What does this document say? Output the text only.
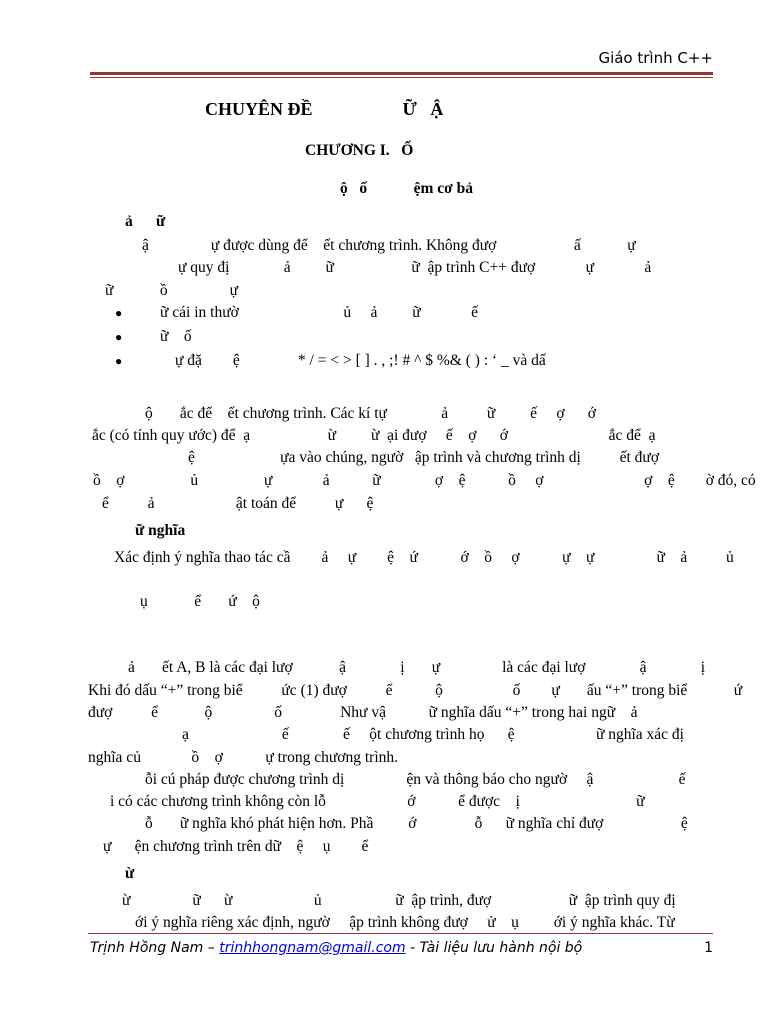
Giáo trình C++
CHUYÊN ĐỀ                    Ữ   Ậ
CHƯƠNG I.   Ổ
ộ   ố            ệm cơ bả
ả      ữ
ậ                ự được dùng để    ết chương trình. Không đượ                    ấ            ự
ự quy đị              ả         ữ                    ữ  ập trình C++ đượ             ự             ả
ữ            ồ                ự
● ữ cái in thườ                           ủ     ả         ữ             ế
● ữ    ố
●	ự đặ        ệ               * / = < > [ ] . , ;! # ^ $ %& ( ) : ‘ _ và dấ
ộ       ắc để    ết chương trình. Các kí tự              ả          ữ         ế     ợ      ớ
ắc (có tính quy ước) để  ạ                    ừ         ừ  ại đượ     ế    ợ      ớ                          ắc để  ạ
ệ                      ựa vào chúng, ngườ   ập trình và chương trình dị          ết đượ
ồ    ợ                 ủ                 ự             ả           ữ              ợ    ệ           ồ     ợ                          ợ    ệ        ờ đó, có
ể          ả                     ật toán để          ự      ệ
ữ nghĩa
Xác định ý nghĩa thao tác cầ        ả     ự        ệ    ứ           ớ    ồ     ợ           ự    ự                ữ    ả          ủ
ụ            ể       ứ    ộ
ả       ết A, B là các đại lượ            ậ              ị       ự                là các đại lượ              ậ              ị
Khi đó dấu “+” trong biể          ức (1) đượ          ể           ộ                  ố        ự       ấu “+” trong biể            ứ
đượ          ể            ộ                ố               Như vậ           ữ nghĩa dấu “+” trong hai ngữ    ả
ạ                        ế              ế     ột chương trình họ      ệ                     ữ nghĩa xác đị
nghĩa củ             ồ    ợ           ự trong chương trình.
ỗi cú pháp được chương trình dị                ện và thông báo cho ngườ     ậ                      ế
i có các chương trình không còn lỗ                     ớ           ể được    ị                              ữ
ỗ       ữ nghĩa khó phát hiện hơn. Phầ         ớ               ỗ      ữ nghĩa chỉ đượ                    ệ
ự      ện chương trình trên dữ    ệ     ụ        ể
ừ
ừ                ữ      ừ                     ủ                   ữ  ập trình, đượ                    ữ  ập trình quy đị
ới ý nghĩa riêng xác định, ngườ     ập trình không đượ     ử    ụ         ới ý nghĩa khác. Từ
Trịnh Hồng Nam – trinhhongnam@gmail.com - Tài liệu lưu hành nội bộ	1
